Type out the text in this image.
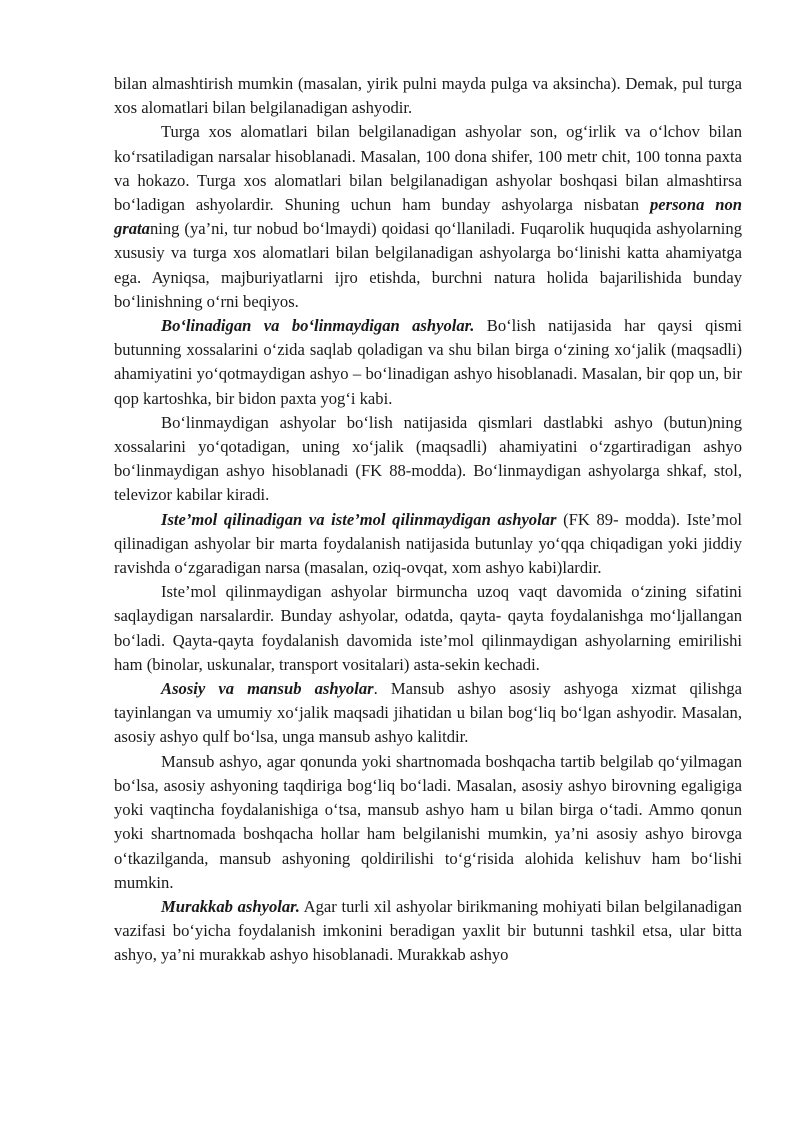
bilan almashtirish mumkin (masalan, yirik pulni mayda pulga va aksincha). Demak, pul turga xos alomatlari bilan belgilanadigan ashyodir.

Turga xos alomatlari bilan belgilanadigan ashyolar son, og‘irlik va o‘lchov bilan ko‘rsatiladigan narsalar hisoblanadi. Masalan, 100 dona shifer, 100 metr chit, 100 tonna paxta va hokazo. Turga xos alomatlari bilan belgilanadigan ashyolar boshqasi bilan almashtirsa bo‘ladigan ashyolardir. Shuning uchun ham bunday ashyolarga nisbatan persona non grataning (ya’ni, tur nobud bo‘lmaydi) qoidasi qo‘llaniladi. Fuqarolik huquqida ashyolarning xususiy va turga xos alomatlari bilan belgilanadigan ashyolarga bo‘linishi katta ahamiyatga ega. Ayniqsa, majburiyatlarni ijro etishda, burchni natura holida bajarilishida bunday bo‘linishning o‘rni beqiyos.

Bo‘linadigan va bo‘linmaydigan ashyolar. Bo‘lish natijasida har qaysi qismi butunning xossalarini o‘zida saqlab qoladigan va shu bilan birga o‘zining xo‘jalik (maqsadli) ahamiyatini yo‘qotmaydigan ashyo – bo‘linadigan ashyo hisoblanadi. Masalan, bir qop un, bir qop kartoshka, bir bidon paxta yog‘i kabi.

Bo‘linmaydigan ashyolar bo‘lish natijasida qismlari dastlabki ashyo (butun)ning xossalarini yo‘qotadigan, uning xo‘jalik (maqsadli) ahamiyatini o‘zgartiradigan ashyo bo‘linmaydigan ashyo hisoblanadi (FK 88-modda). Bo‘linmaydigan ashyolarga shkaf, stol, televizor kabilar kiradi.

Iste’mol qilinadigan va iste’mol qilinmaydigan ashyolar (FK 89- modda). Iste’mol qilinadigan ashyolar bir marta foydalanish natijasida butunlay yo‘qqa chiqadigan yoki jiddiy ravishda o‘zgaradigan narsa (masalan, oziq-ovqat, xom ashyo kabi)lardir.

Iste’mol qilinmaydigan ashyolar birmuncha uzoq vaqt davomida o‘zining sifatini saqlaydigan narsalardir. Bunday ashyolar, odatda, qayta- qayta foydalanishga mo‘ljallangan bo‘ladi. Qayta-qayta foydalanish davomida iste’mol qilinmaydigan ashyolarning emirilishi ham (binolar, uskunalar, transport vositalari) asta-sekin kechadi.

Asosiy va mansub ashyolar. Mansub ashyo asosiy ashyoga xizmat qilishga tayinlangan va umumiy xo‘jalik maqsadi jihatidan u bilan bog‘liq bo‘lgan ashyodir. Masalan, asosiy ashyo qulf bo‘lsa, unga mansub ashyo kalitdir.

Mansub ashyo, agar qonunda yoki shartnomada boshqacha tartib belgilab qo‘yilmagan bo‘lsa, asosiy ashyoning taqdiriga bog‘liq bo‘ladi. Masalan, asosiy ashyo birovning egaligiga yoki vaqtincha foydalanishiga o‘tsa, mansub ashyo ham u bilan birga o‘tadi. Ammo qonun yoki shartnomada boshqacha hollar ham belgilanishi mumkin, ya’ni asosiy ashyo birovga o‘tkazilganda, mansub ashyoning qoldirilishi to‘g‘risida alohida kelishuv ham bo‘lishi mumkin.

Murakkab ashyolar. Agar turli xil ashyolar birikmaning mohiyati bilan belgilanadigan vazifasi bo‘yicha foydalanish imkonini beradigan yaxlit bir butunni tashkil etsa, ular bitta ashyo, ya’ni murakkab ashyo hisoblanadi. Murakkab ashyo
